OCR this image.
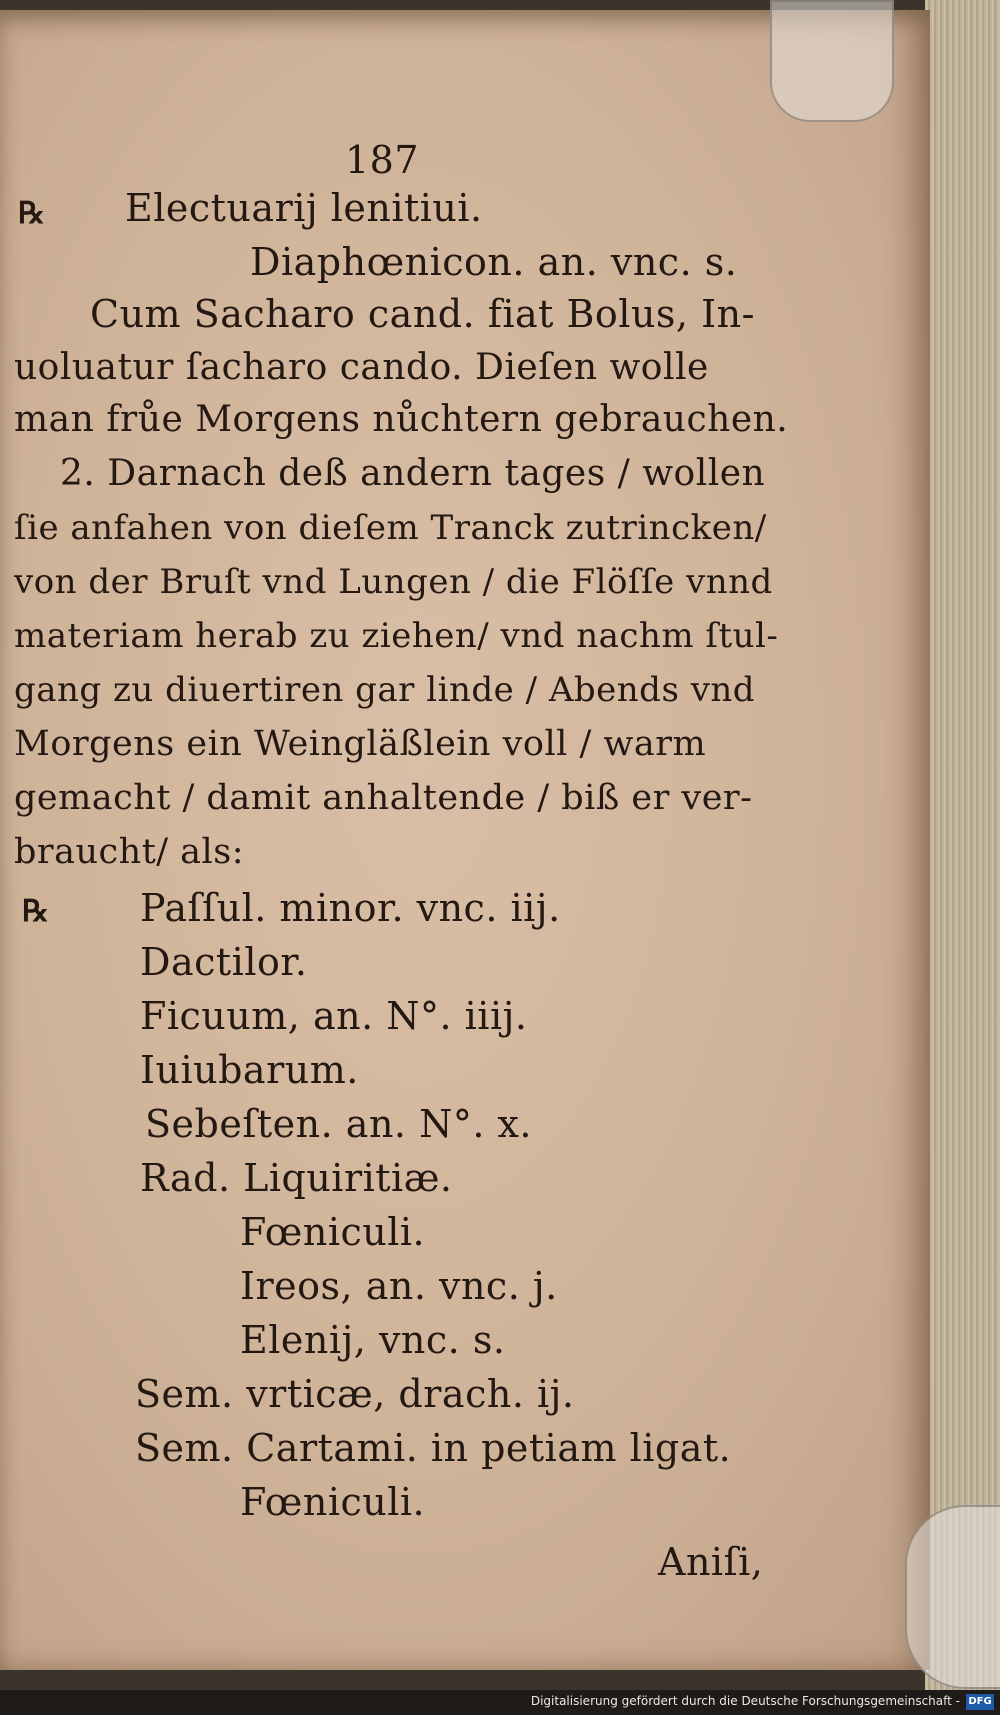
187
℞ Electuarij lenitiui.
Diaphœnicon. an. vnc. s.
Cum Sacharo cand. fiat Bolus, In-
uoluatur ſacharo cando. Dieſen wolle
man frůe Morgens nůchtern gebrauchen.
2. Darnach deß andern tages / wollen
ſie anfahen von dieſem Tranck zutrincken/
von der Bruſt vnd Lungen / die Flöſſe vnnd
materiam herab zu ziehen/ vnd nachm ſtul-
gang zu diuertiren gar linde / Abends vnd
Morgens ein Weingläßlein voll / warm
gemacht / damit anhaltende / biß er ver-
braucht/ als:
℞ Paſſul. minor. vnc. iij.
Dactilor.
Ficuum, an. N°. iiij.
Iuiubarum.
Sebeſten. an. N°. x.
Rad. Liquiritiæ.
Fœniculi.
Ireos, an. vnc. j.
Elenij, vnc. s.
Sem. vrticæ, drach. ij.
Sem. Cartami. in petiam ligat.
Fœniculi.
Aniſi,
Digitalisierung gefördert durch die Deutsche Forschungsgemeinschaft - DFG
